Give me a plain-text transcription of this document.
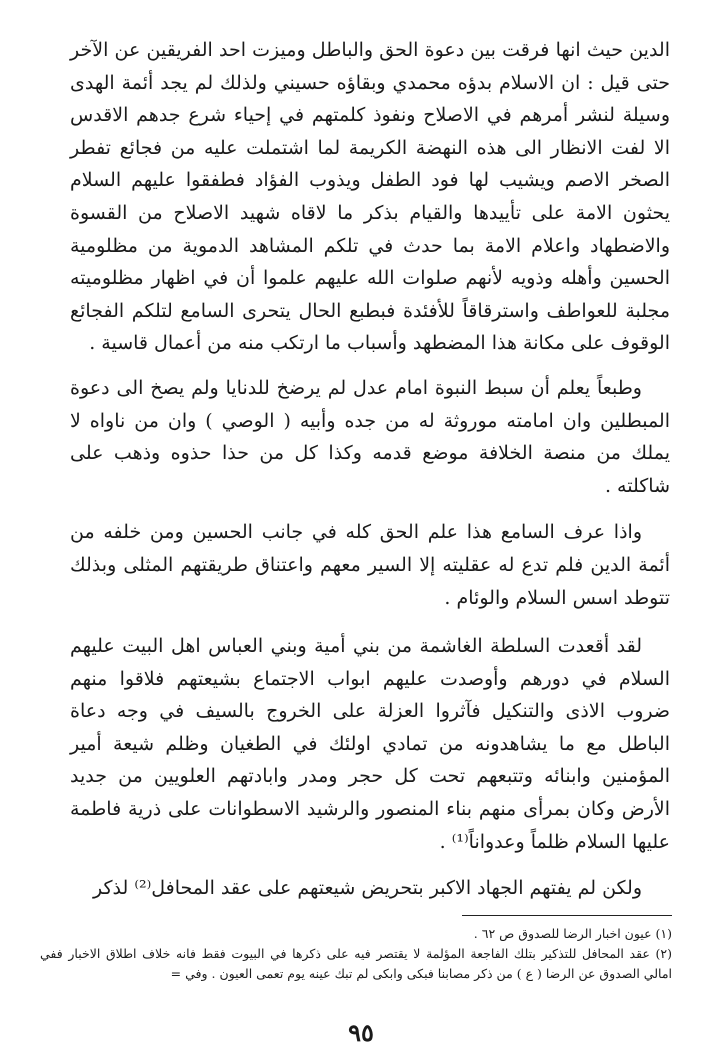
الدين حيث انها فرقت بين دعوة الحق والباطل وميزت احد الفريقين عن الآخر حتى قيل : ان الاسلام بدؤه محمدي وبقاؤه حسيني ولذلك لم يجد أئمة الهدى وسيلة لنشر أمرهم في الاصلاح ونفوذ كلمتهم في إحياء شرع جدهم الاقدس الا لفت الانظار الى هذه النهضة الكريمة لما اشتملت عليه من فجائع تفطر الصخر الاصم ويشيب لها فود الطفل ويذوب الفؤاد فطفقوا عليهم السلام يحثون الامة على تأييدها والقيام بذكر ما لاقاه شهيد الاصلاح من القسوة والاضطهاد واعلام الامة بما حدث في تلكم المشاهد الدموية من مظلومية الحسين وأهله وذويه لأنهم صلوات الله عليهم علموا أن في اظهار مظلوميته مجلبة للعواطف واسترقاقاً للأفئدة فبطبع الحال يتحرى السامع لتلكم الفجائع الوقوف على مكانة هذا المضطهد وأسباب ما ارتكب منه من أعمال قاسية .

وطبعاً يعلم أن سبط النبوة امام عدل لم يرضخ للدنايا ولم يصخ الى دعوة المبطلين وان امامته موروثة له من جده وأبيه ( الوصي ) وان من ناواه لا يملك من منصة الخلافة موضع قدمه وكذا كل من حذا حذوه وذهب على شاكلته .

واذا عرف السامع هذا علم الحق كله في جانب الحسين ومن خلفه من أئمة الدين فلم تدع له عقليته إلا السير معهم واعتناق طريقتهم المثلى وبذلك تتوطد اسس السلام والوئام .

لقد أقعدت السلطة الغاشمة من بني أمية وبني العباس اهل البيت عليهم السلام في دورهم وأوصدت عليهم ابواب الاجتماع بشيعتهم فلاقوا منهم ضروب الاذى والتنكيل فآثروا العزلة على الخروج بالسيف في وجه دعاة الباطل مع ما يشاهدونه من تمادي اولئك في الطغيان وظلم شيعة أمير المؤمنين وابنائه وتتبعهم تحت كل حجر ومدر وابادتهم العلويين من جديد الأرض وكان بمرأى منهم بناء المنصور والرشيد الاسطوانات على ذرية فاطمة عليها السلام ظلماً وعدواناً⁽¹⁾ .

ولكن لم يفتهم الجهاد الاكبر بتحريض شيعتهم على عقد المحافل⁽²⁾ لذكر

(١) عيون اخبار الرضا للصدوق ص ٦٢ .

(٢) عقد المحافل للتذكير بتلك الفاجعة المؤلمة لا يقتصر فيه على ذكرها في البيوت فقط فانه خلاف اطلاق الاخبار ففي امالي الصدوق عن الرضا ( ع ) من ذكر مصابنا فبكى وابكى لم تبك عينه يوم تعمى العيون . وفي =

٩٥
